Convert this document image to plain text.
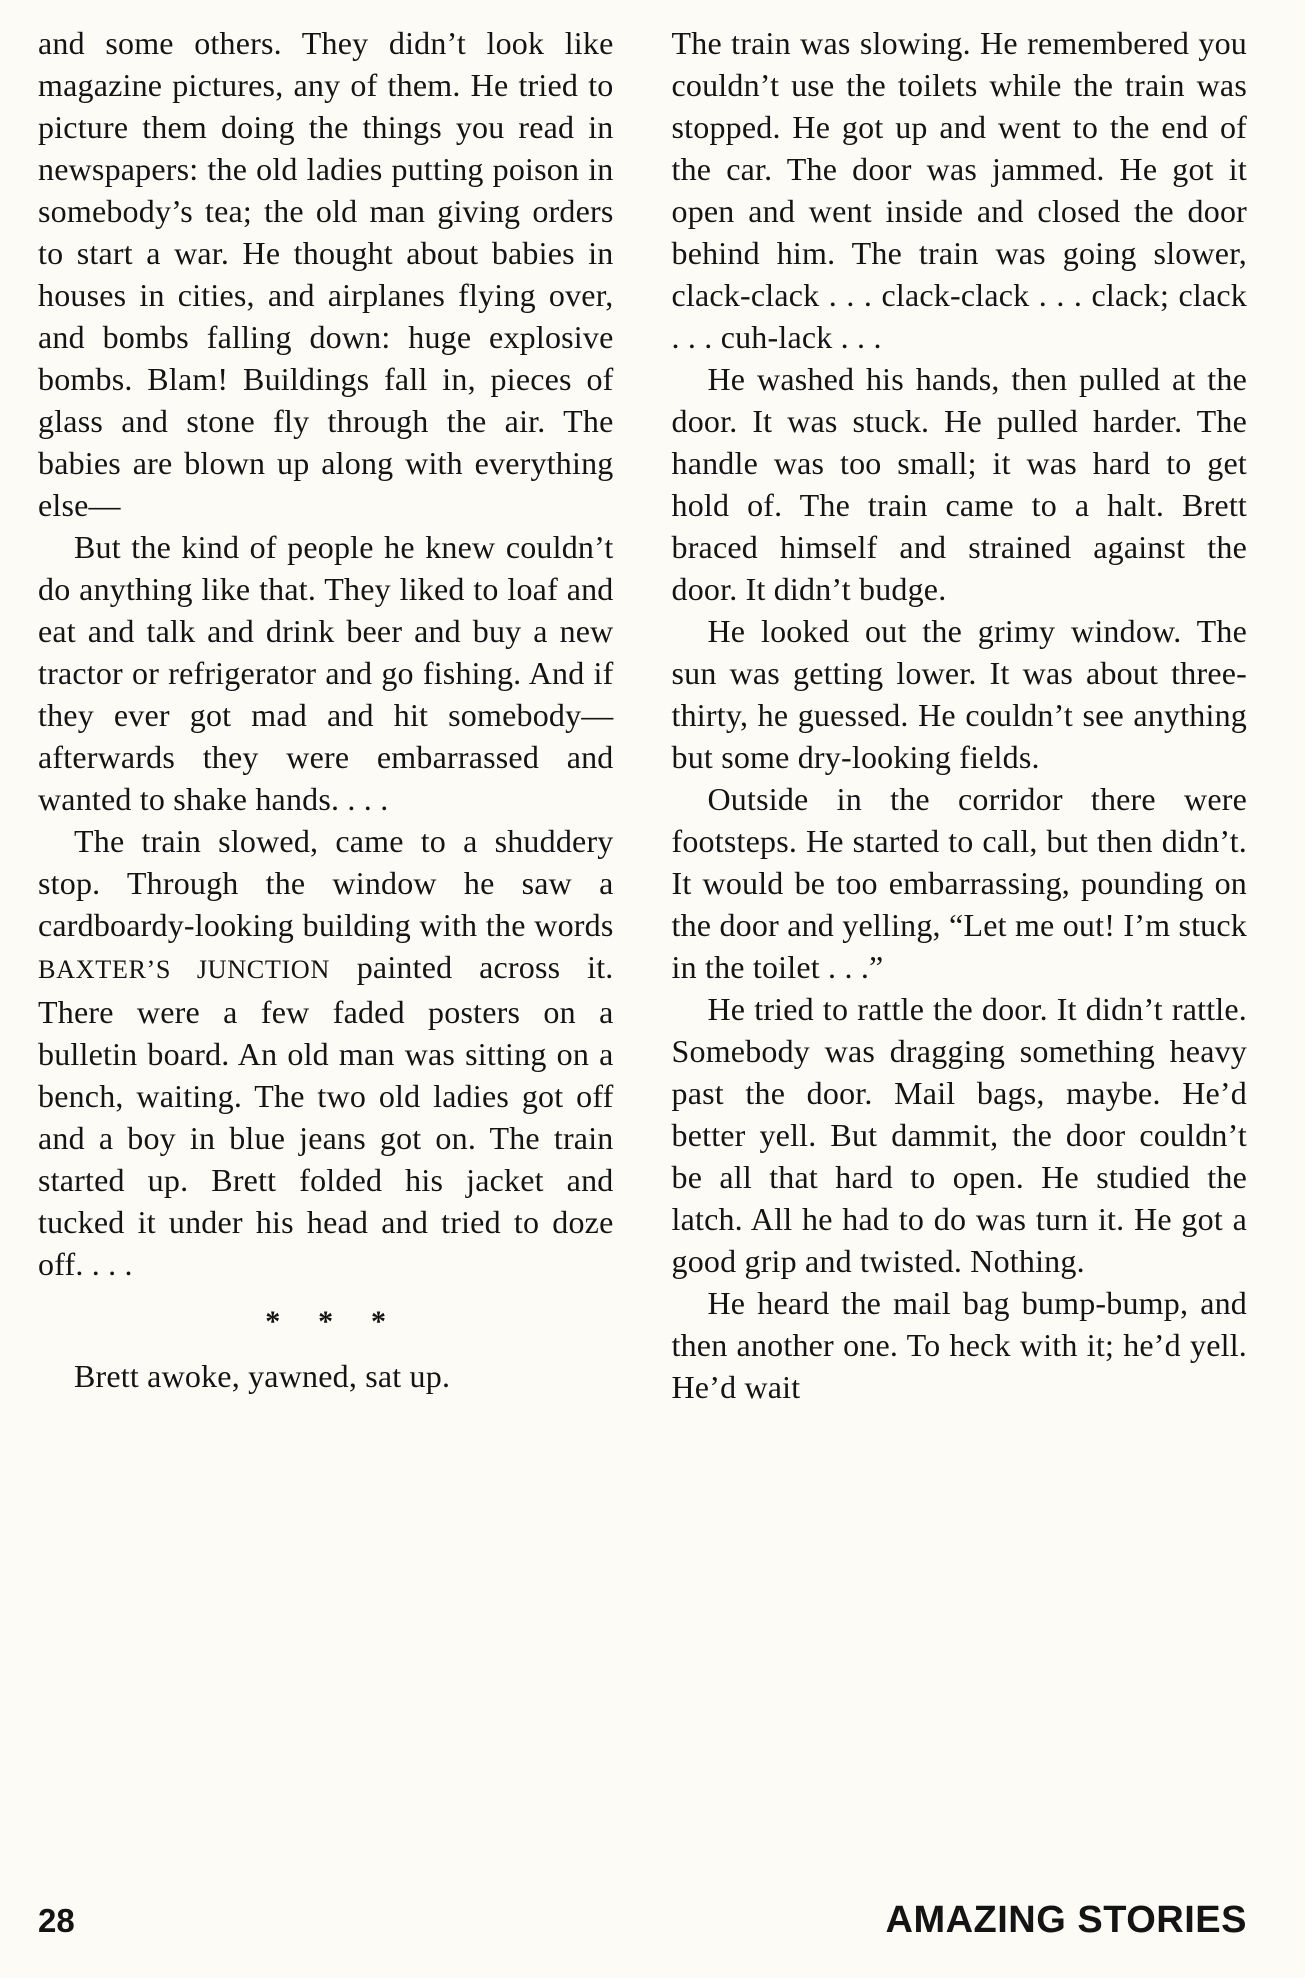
and some others. They didn’t look like magazine pictures, any of them. He tried to picture them doing the things you read in newspapers: the old ladies putting poison in somebody’s tea; the old man giving orders to start a war. He thought about babies in houses in cities, and airplanes flying over, and bombs falling down: huge explosive bombs. Blam! Buildings fall in, pieces of glass and stone fly through the air. The babies are blown up along with everything else—

But the kind of people he knew couldn’t do anything like that. They liked to loaf and eat and talk and drink beer and buy a new tractor or refrigerator and go fishing. And if they ever got mad and hit somebody—afterwards they were embarrassed and wanted to shake hands. . . .

The train slowed, came to a shuddery stop. Through the window he saw a cardboardy-looking building with the words BAXTER’S JUNCTION painted across it. There were a few faded posters on a bulletin board. An old man was sitting on a bench, waiting. The two old ladies got off and a boy in blue jeans got on. The train started up. Brett folded his jacket and tucked it under his head and tried to doze off. . . .

* * *

Brett awoke, yawned, sat up.

The train was slowing. He remembered you couldn’t use the toilets while the train was stopped. He got up and went to the end of the car. The door was jammed. He got it open and went inside and closed the door behind him. The train was going slower, clack-clack . . . clack-clack . . . clack; clack . . . cuh-lack . . .

He washed his hands, then pulled at the door. It was stuck. He pulled harder. The handle was too small; it was hard to get hold of. The train came to a halt. Brett braced himself and strained against the door. It didn’t budge.

He looked out the grimy window. The sun was getting lower. It was about three-thirty, he guessed. He couldn’t see anything but some dry-looking fields.

Outside in the corridor there were footsteps. He started to call, but then didn’t. It would be too embarrassing, pounding on the door and yelling, “Let me out! I’m stuck in the toilet . . .”

He tried to rattle the door. It didn’t rattle. Somebody was dragging something heavy past the door. Mail bags, maybe. He’d better yell. But dammit, the door couldn’t be all that hard to open. He studied the latch. All he had to do was turn it. He got a good grip and twisted. Nothing.

He heard the mail bag bump-bump, and then another one. To heck with it; he’d yell. He’d wait

28	AMAZING STORIES
